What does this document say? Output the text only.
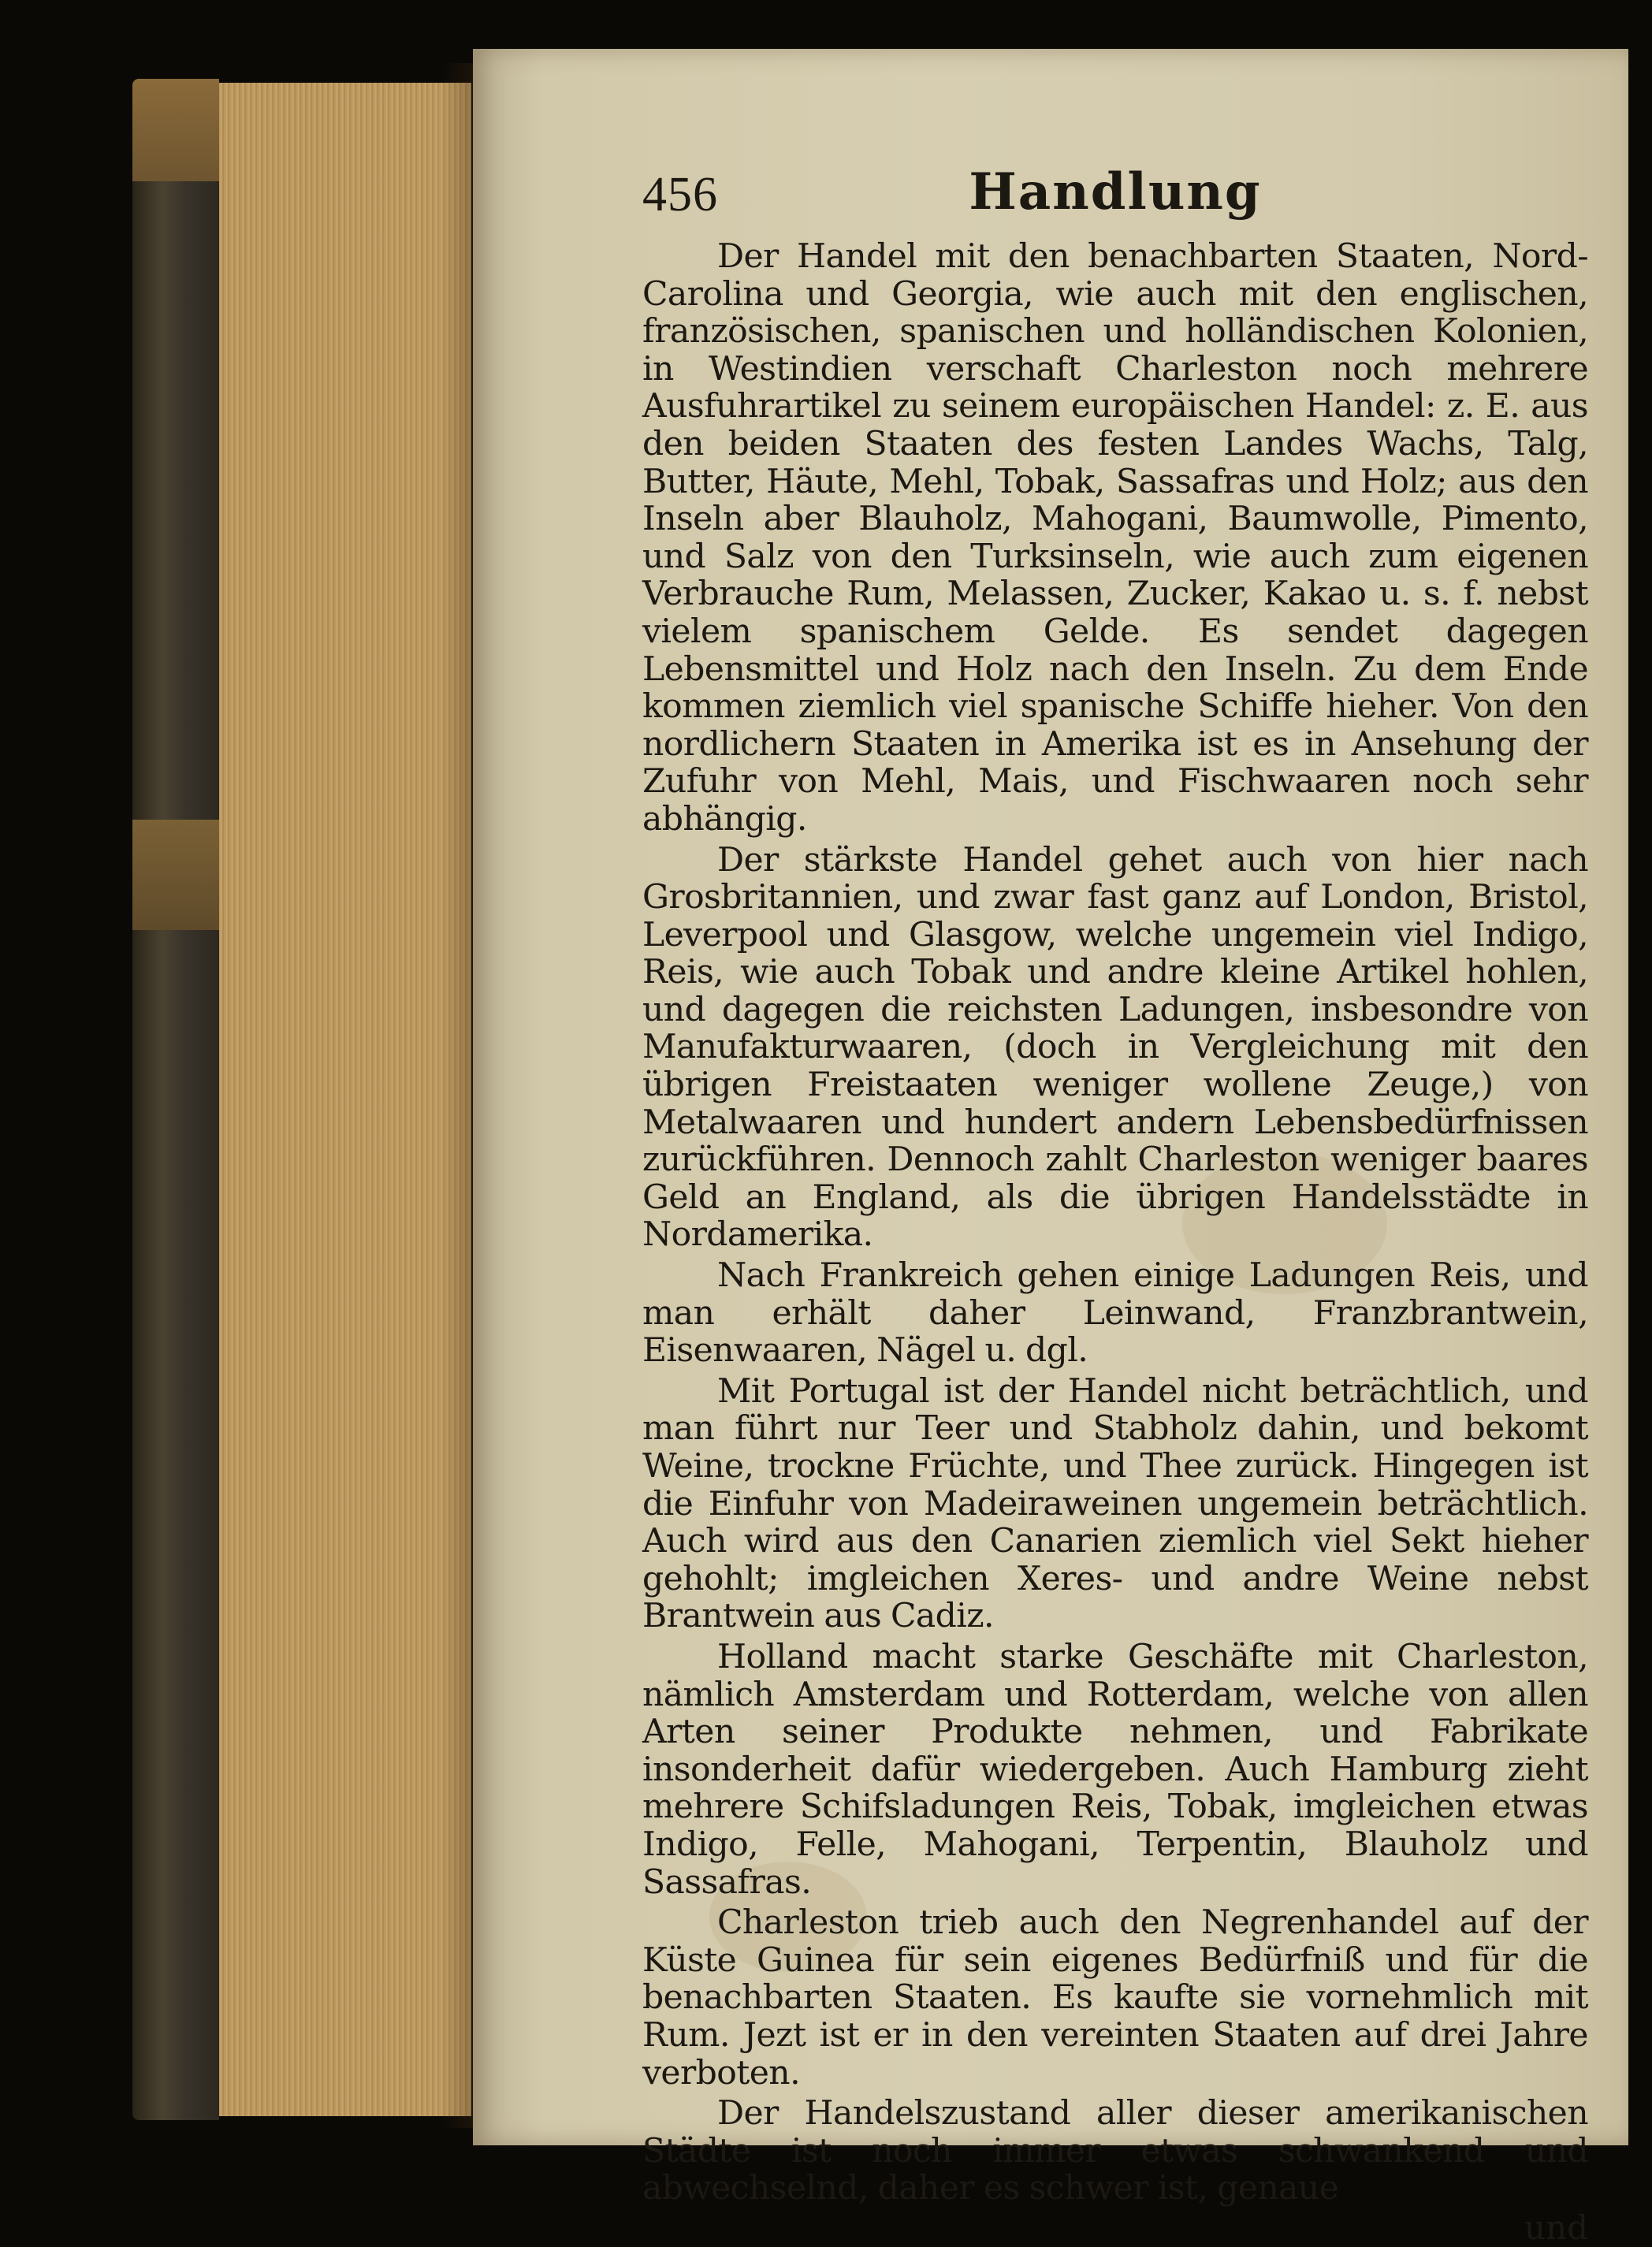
456	Handlung

Der Handel mit den benachbarten Staaten, Nord-Carolina und Georgia, wie auch mit den englischen, französischen, spanischen und holländischen Kolonien, in Westindien verschaft Charleston noch mehrere Ausfuhrartikel zu seinem europäischen Handel: z. E. aus den beiden Staaten des festen Landes Wachs, Talg, Butter, Häute, Mehl, Tobak, Sassafras und Holz; aus den Inseln aber Blauholz, Mahogani, Baumwolle, Pimento, und Salz von den Turksinseln, wie auch zum eigenen Verbrauche Rum, Melassen, Zucker, Kakao u. s. f. nebst vielem spanischem Gelde. Es sendet dagegen Lebensmittel und Holz nach den Inseln. Zu dem Ende kommen ziemlich viel spanische Schiffe hieher. Von den nordlichern Staaten in Amerika ist es in Ansehung der Zufuhr von Mehl, Mais, und Fischwaaren noch sehr abhängig.

Der stärkste Handel gehet auch von hier nach Grosbritannien, und zwar fast ganz auf London, Bristol, Leverpool und Glasgow, welche ungemein viel Indigo, Reis, wie auch Tobak und andre kleine Artikel hohlen, und dagegen die reichsten Ladungen, insbesondre von Manufakturwaaren, (doch in Vergleichung mit den übrigen Freistaaten weniger wollene Zeuge,) von Metalwaaren und hundert andern Lebensbedürfnissen zurückführen. Dennoch zahlt Charleston weniger baares Geld an England, als die übrigen Handelsstädte in Nordamerika.

Nach Frankreich gehen einige Ladungen Reis, und man erhält daher Leinwand, Franzbrantwein, Eisenwaaren, Nägel u. dgl.

Mit Portugal ist der Handel nicht beträchtlich, und man führt nur Teer und Stabholz dahin, und bekomt Weine, trockne Früchte, und Thee zurück. Hingegen ist die Einfuhr von Madeiraweinen ungemein beträchtlich. Auch wird aus den Canarien ziemlich viel Sekt hieher gehohlt; imgleichen Xeres- und andre Weine nebst Brantwein aus Cadiz.

Holland macht starke Geschäfte mit Charleston, nämlich Amsterdam und Rotterdam, welche von allen Arten seiner Produkte nehmen, und Fabrikate insonderheit dafür wiedergeben. Auch Hamburg zieht mehrere Schifsladungen Reis, Tobak, imgleichen etwas Indigo, Felle, Mahogani, Terpentin, Blauholz und Sassafras.

Charleston trieb auch den Negrenhandel auf der Küste Guinea für sein eigenes Bedürfniß und für die benachbarten Staaten. Es kaufte sie vornehmlich mit Rum. Jezt ist er in den vereinten Staaten auf drei Jahre verboten.

Der Handelszustand aller dieser amerikanischen Städte ist noch immer etwas schwankend und abwechselnd, daher es schwer ist, genaue

und
